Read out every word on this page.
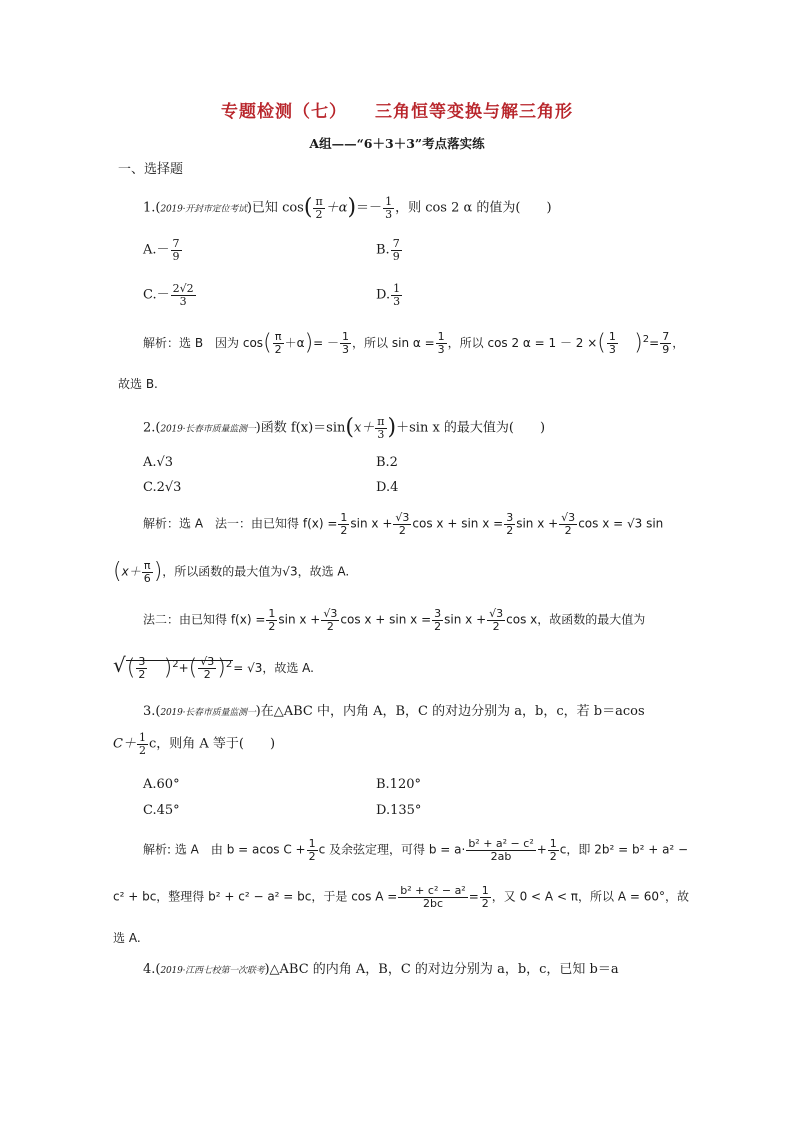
专题检测（七） 三角恒等变换与解三角形
A组——“6＋3＋3”考点落实练
一、选择题
1.(2019·开封市定位考试)已知 $\cos( \frac{\pi}{2} +\alpha)=- \frac{1}{3}$ ，则 cos 2 α 的值为(　　)
$A.- \frac{7}{9}$	B. $\frac{7}{9}$
$C.- \frac{2√2}{3}$	D. $\frac{1}{3}$
解析：选 B　因为 $\cos( \frac{\pi}{2} +\alpha)= - \frac{1}{3}$ ，所以 $\sin \alpha = \frac{1}{3}$ ，所以 cos 2 α = 1 － 2 ×( $\frac{1}{3} )^2= \frac{7}{9}$ ，
故选 B.
2.(2019·长春市质量监测一)函数 $f(x)=\sin(x+ \frac{\pi}{3} )+\sin$ x 的最大值为(　　)
A.√3	B.2
C.2√3	D.4
解析：选 A　法一：由已知得 $f(x) = \frac{1}{2}$ $\sin x + \frac{√3}{2}$ $\cos x + \sin x = \frac{3}{2}$ $\sin x + \frac{√3}{2}$ cos x = √3 sin
($x+ \frac{\pi}{6}$ )，所以函数的最大值为√3，故选 A.
法二：由已知得 $f(x) = \frac{1}{2}$ $\sin x + \frac{√3}{2}$ $\cos x + \sin x = \frac{3}{2}$ $\sin x + \frac{√3}{2}$ cos x，故函数的最大值为
√( $\frac{3}{2} )^2+( \frac{√3}{2} )^2= √3$，故选 A.
3.(2019·长春市质量监测一)在△ABC 中，内角 A，B，C 的对边分别为 a，b，c，若 b＝acos
$C+ \frac{1}{2}$ c，则角 A 等于(　　)
A.60°	B.120°
C.45°	D.135°
解析: 选 A　由 b = acos $C + \frac{1}{2}$ c 及余弦定理，可得 $b = a\cdot \frac{\text{b² + a² − c²}}{2ab} + \frac{1}{2}$ c，即 2b² = b² + a² −
c² + bc，整理得 b² + c² − a² = bc，于是 $\cos A = \frac{\text{b² + c² − a²}}{2bc} = \frac{1}{2}$ ，又 0 < A < π，所以 A = 60°，故
选 A.
4.(2019·江西七校第一次联考)△ABC 的内角 A，B，C 的对边分别为 a，b，c，已知 b＝a
